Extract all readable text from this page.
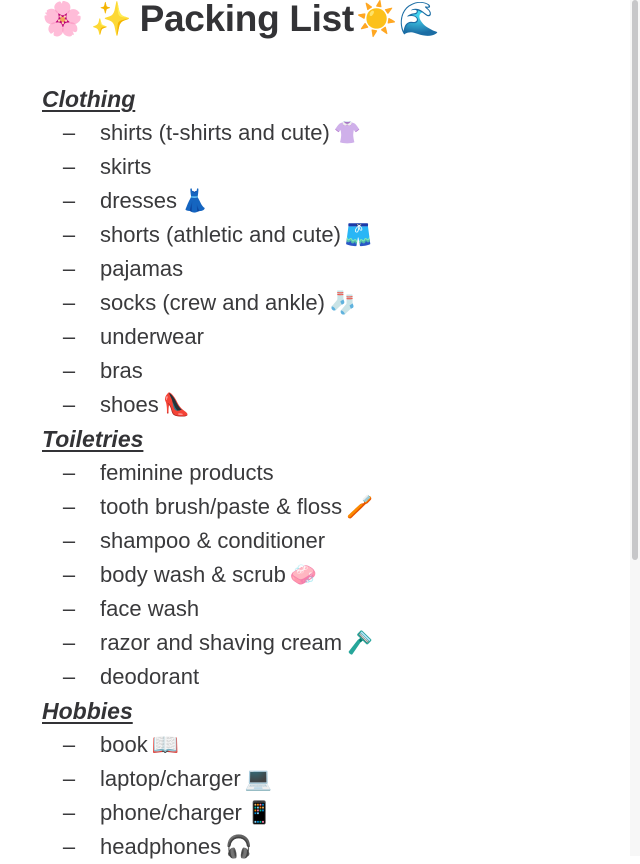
🌸 ✨ Packing List ☀️ 🌊
Clothing
– shirts (t-shirts and cute) 👚
– skirts
– dresses 👗
– shorts (athletic and cute) 🩳
– pajamas
– socks (crew and ankle) 🧦
– underwear
– bras
– shoes 👠
Toiletries
– feminine products
– tooth brush/paste & floss 🪥
– shampoo & conditioner
– body wash & scrub 🧼
– face wash
– razor and shaving cream 🪒
– deodorant
Hobbies
– book 📖
– laptop/charger 💻
– phone/charger 📱
– headphones 🎧
